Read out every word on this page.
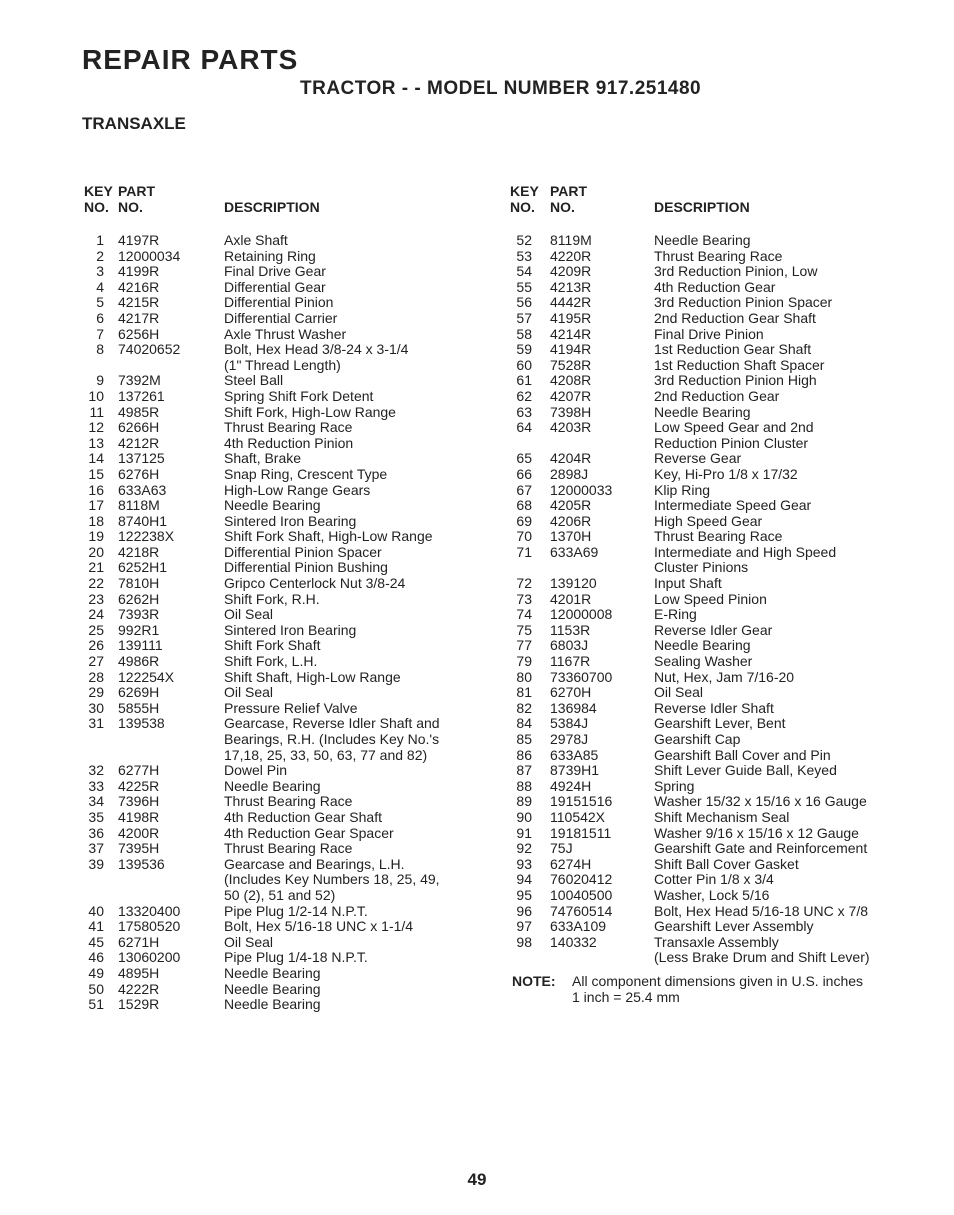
REPAIR PARTS
TRACTOR - - MODEL NUMBER 917.251480
TRANSAXLE
KEY
NO.
PART
NO.	DESCRIPTION
1 4197R	Axle Shaft
2 12000034	Retaining Ring
3 4199R	Final Drive Gear
4 4216R	Differential Gear
5 4215R	Differential Pinion
6 4217R	Differential Carrier
7 6256H	Axle Thrust Washer
8 74020652	Bolt, Hex Head 3/8-24 x 3-1/4
(1" Thread Length)
9 7392M	Steel Ball
10 137261	Spring Shift Fork Detent
11 4985R	Shift Fork, High-Low Range
12 6266H	Thrust Bearing Race
13 4212R	4th Reduction Pinion
14 137125	Shaft, Brake
15 6276H	Snap Ring, Crescent Type
16 633A63	High-Low Range Gears
17 8118M	Needle Bearing
18 8740H1	Sintered Iron Bearing
19 122238X	Shift Fork Shaft, High-Low Range
20 4218R	Differential Pinion Spacer
21 6252H1	Differential Pinion Bushing
22 7810H	Gripco Centerlock Nut 3/8-24
23 6262H	Shift Fork, R.H.
24 7393R	Oil Seal
25 992R1	Sintered Iron Bearing
26 139111	Shift Fork Shaft
27 4986R	Shift Fork, L.H.
28 122254X	Shift Shaft, High-Low Range
29 6269H	Oil Seal
30 5855H	Pressure Relief Valve
31 139538	Gearcase, Reverse Idler Shaft and
Bearings, R.H. (Includes Key No.'s
17,18, 25, 33, 50, 63, 77 and 82)
32 6277H	Dowel Pin
33 4225R	Needle Bearing
34 7396H	Thrust Bearing Race
35 4198R	4th Reduction Gear Shaft
36 4200R	4th Reduction Gear Spacer
37 7395H	Thrust Bearing Race
39 139536	Gearcase and Bearings, L.H.
(Includes Key Numbers 18, 25, 49,
50 (2), 51 and 52)
40 13320400	Pipe Plug 1/2-14 N.P.T.
41 17580520	Bolt, Hex 5/16-18 UNC x 1-1/4
45 6271H	Oil Seal
46 13060200	Pipe Plug 1/4-18 N.P.T.
49 4895H	Needle Bearing
50 4222R	Needle Bearing
51 1529R	Needle Bearing
KEY
NO.
PART
NO.	DESCRIPTION
52 8119M	Needle Bearing
53 4220R	Thrust Bearing Race
54 4209R	3rd Reduction Pinion, Low
55 4213R	4th Reduction Gear
56 4442R	3rd Reduction Pinion Spacer
57 4195R	2nd Reduction Gear Shaft
58 4214R	Final Drive Pinion
59 4194R	1st Reduction Gear Shaft
60 7528R	1st Reduction Shaft Spacer
61 4208R	3rd Reduction Pinion High
62 4207R	2nd Reduction Gear
63 7398H	Needle Bearing
64 4203R	Low Speed Gear and 2nd
Reduction Pinion Cluster
65 4204R	Reverse Gear
66 2898J	Key, Hi-Pro 1/8 x 17/32
67 12000033	Klip Ring
68 4205R	Intermediate Speed Gear
69 4206R	High Speed Gear
70 1370H	Thrust Bearing Race
71 633A69	Intermediate and High Speed
Cluster Pinions
72 139120	Input Shaft
73 4201R	Low Speed Pinion
74 12000008	E-Ring
75 1153R	Reverse Idler Gear
77 6803J	Needle Bearing
79 1167R	Sealing Washer
80 73360700	Nut, Hex, Jam 7/16-20
81 6270H	Oil Seal
82 136984	Reverse Idler Shaft
84 5384J	Gearshift Lever, Bent
85 2978J	Gearshift Cap
86 633A85	Gearshift Ball Cover and Pin
87 8739H1	Shift Lever Guide Ball, Keyed
88 4924H	Spring
89 19151516	Washer 15/32 x 15/16 x 16 Gauge
90 110542X	Shift Mechanism Seal
91 19181511	Washer 9/16 x 15/16 x 12 Gauge
92 75J	Gearshift Gate and Reinforcement
93 6274H	Shift Ball Cover Gasket
94 76020412	Cotter Pin 1/8 x 3/4
95 10040500	Washer, Lock 5/16
96 74760514	Bolt, Hex Head 5/16-18 UNC x 7/8
97 633A109	Gearshift Lever Assembly
98 140332	Transaxle Assembly
(Less Brake Drum and Shift Lever)
NOTE: All component dimensions given in U.S. inches
1 inch = 25.4 mm
49
